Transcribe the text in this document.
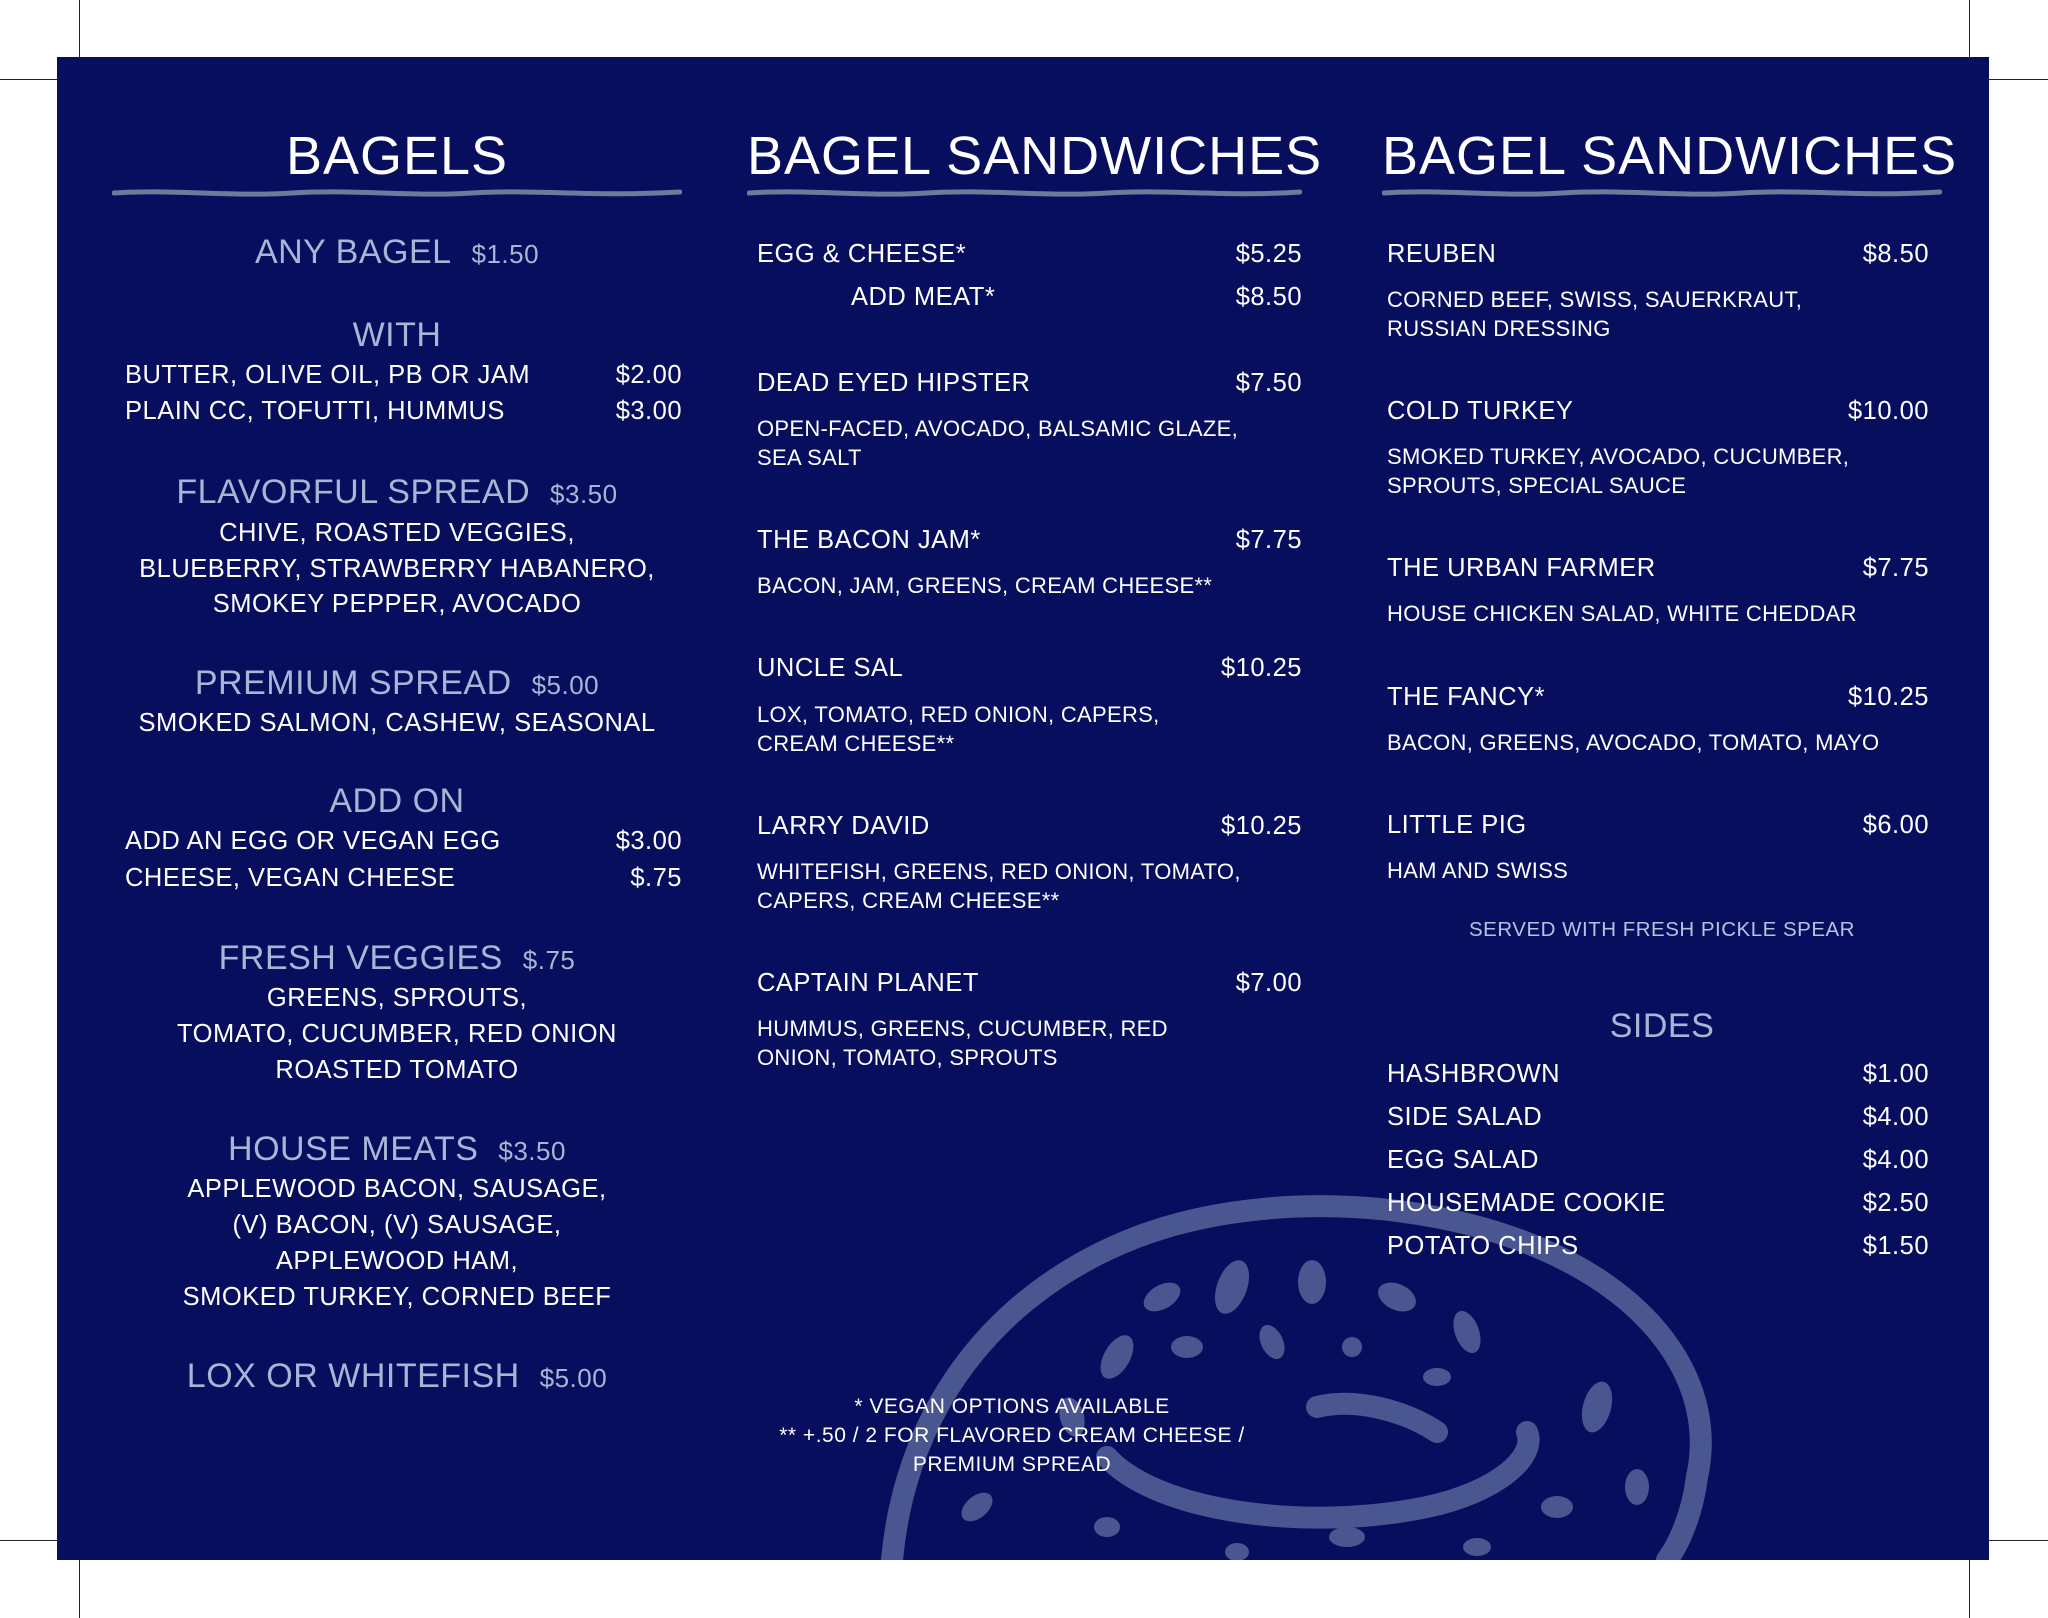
BAGELS
ANY BAGEL $1.50
WITH
BUTTER, OLIVE OIL, PB OR JAM	$2.00
PLAIN CC, TOFUTTI, HUMMUS	$3.00
FLAVORFUL SPREAD $3.50
CHIVE, ROASTED VEGGIES,
BLUEBERRY, STRAWBERRY HABANERO,
SMOKEY PEPPER, AVOCADO
PREMIUM SPREAD $5.00
SMOKED SALMON, CASHEW, SEASONAL
ADD ON
ADD AN EGG OR VEGAN EGG	$3.00
CHEESE, VEGAN CHEESE	$.75
FRESH VEGGIES $.75
GREENS, SPROUTS,
TOMATO, CUCUMBER, RED ONION
ROASTED TOMATO
HOUSE MEATS $3.50
APPLEWOOD BACON, SAUSAGE,
(V) BACON, (V) SAUSAGE,
APPLEWOOD HAM,
SMOKED TURKEY, CORNED BEEF
LOX OR WHITEFISH $5.00
BAGEL SANDWICHES
EGG & CHEESE*	$5.25
ADD MEAT*	$8.50
DEAD EYED HIPSTER	$7.50
OPEN-FACED, AVOCADO, BALSAMIC GLAZE, SEA SALT
THE BACON JAM*	$7.75
BACON, JAM, GREENS, CREAM CHEESE**
UNCLE SAL	$10.25
LOX, TOMATO, RED ONION, CAPERS, CREAM CHEESE**
LARRY DAVID	$10.25
WHITEFISH, GREENS, RED ONION, TOMATO, CAPERS, CREAM CHEESE**
CAPTAIN PLANET	$7.00
HUMMUS, GREENS, CUCUMBER, RED ONION, TOMATO, SPROUTS
* VEGAN OPTIONS AVAILABLE
** +.50 / 2 FOR FLAVORED CREAM CHEESE /
PREMIUM SPREAD
BAGEL SANDWICHES
REUBEN	$8.50
CORNED BEEF, SWISS, SAUERKRAUT, RUSSIAN DRESSING
COLD TURKEY	$10.00
SMOKED TURKEY, AVOCADO, CUCUMBER, SPROUTS, SPECIAL SAUCE
THE URBAN FARMER	$7.75
HOUSE CHICKEN SALAD, WHITE CHEDDAR
THE FANCY*	$10.25
BACON, GREENS, AVOCADO, TOMATO, MAYO
LITTLE PIG	$6.00
HAM AND SWISS
SERVED WITH FRESH PICKLE SPEAR
SIDES
HASHBROWN	$1.00
SIDE SALAD	$4.00
EGG SALAD	$4.00
HOUSEMADE COOKIE	$2.50
POTATO CHIPS	$1.50
